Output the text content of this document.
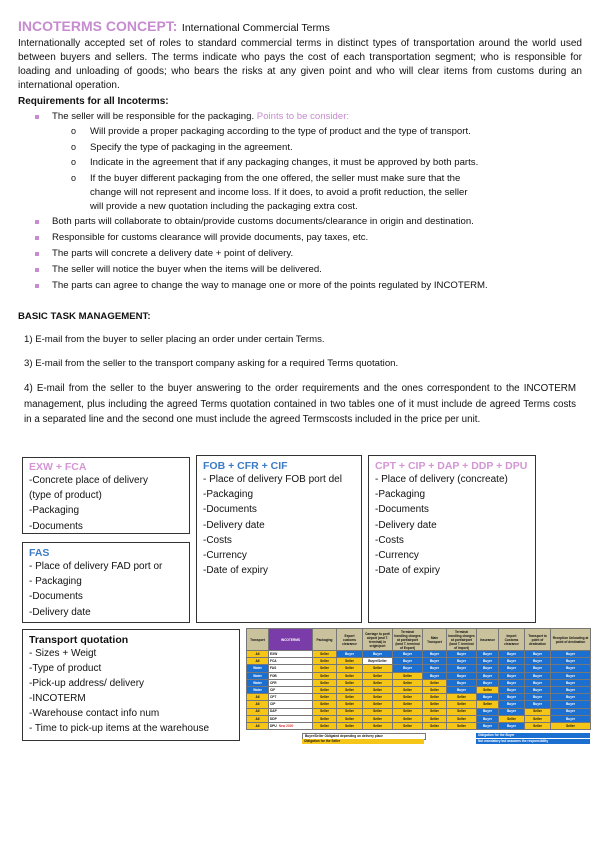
INCOTERMS CONCEPT: International Commercial Terms
Internationally accepted set of roles to standard commercial terms in distinct types of transportation around the world used between buyers and sellers. The terms indicate who pays the cost of each transportation segment; who is responsible for loading and unloading of goods; who bears the risks at any given point and who will clear items from customs during an international operation.
Requirements for all Incoterms:
The seller will be responsible for the packaging. Points to be consider:
o Will provide a proper packaging according to the type of product and the type of transport.
o Specify the type of packaging in the agreement.
o Indicate in the agreement that if any packaging changes, it must be approved by both parts.
o If the buyer different packaging from the one offered, the seller must make sure that the
change will not represent and income loss. If it does, to avoid a profit reduction, the seller
will provide a new quotation including the packaging extra cost.
Both parts will collaborate to obtain/provide customs documents/clearance in origin and destination.
Responsible for customs clearance will provide documents, pay taxes, etc.
The parts will concrete a delivery date + point of delivery.
The seller will notice the buyer when the items will be delivered.
The parts can agree to change the way to manage one or more of the points regulated by INCOTERM.
BASIC TASK MANAGEMENT:
1) E-mail from the buyer to seller placing an order under certain Terms.
3) E-mail from the seller to the transport company asking for a required Terms quotation.
4) E-mail from the seller to the buyer answering to the order requirements and the ones correspondent to the INCOTERM management, plus including the agreed Terms quotation contained in two tables one of it must include de agreed Terms costs in a separated line and the second one must include the agreed Termscosts included in the price per unit.
EXW + FCA
-Concrete place of delivery
(type of product)
-Packaging
-Documents
FAS
- Place of delivery FAD port or
- Packaging
-Documents
-Delivery date
FOB + CFR + CIF
- Place of delivery FOB port del
-Packaging
-Documents
-Delivery date
-Costs
-Currency
-Date of expiry
CPT + CIP + DAP + DDP + DPU
- Place of delivery (concreate)
-Packaging
-Documents
-Delivery date
-Costs
-Currency
-Date of expiry
Transport quotation
- Sizes + Weigt
-Type of product
-Pick-up address/ delivery
-INCOTERM
-Warehouse contact info num
- Time to pick-up items at the warehouse
Transport	INCOTERMS	Packaging	Export customs clearance	Carriage to port/ airport (and T. terminal) in origin/port	Terminal handling charges at port/airport (land T. terminal of Export)	Main Transport	Terminal handling charges at port/airport (land T. terminal of Import)	Insurance	Import Customs clearance	Transport to point of destination	Reception Unloading at point of destination
All	EXW	Seller	Buyer	Buyer	Buyer	Buyer	Buyer	Buyer	Buyer	Buyer	Buyer
All	FCA	Seller	Seller	Buyer/Seller	Buyer	Buyer	Buyer	Buyer	Buyer	Buyer	Buyer
Water	FAS	Seller	Seller	Seller	Buyer	Buyer	Buyer	Buyer	Buyer	Buyer	Buyer
Water	FOB	Seller	Seller	Seller	Seller	Buyer	Buyer	Buyer	Buyer	Buyer	Buyer
Water	CFR	Seller	Seller	Seller	Seller	Seller	Buyer	Buyer	Buyer	Buyer	Buyer
Water	CIF	Seller	Seller	Seller	Seller	Seller	Buyer	Seller	Buyer	Buyer	Buyer
All	CPT	Seller	Seller	Seller	Seller	Seller	Seller	Buyer	Buyer	Buyer	Buyer
All	CIP	Seller	Seller	Seller	Seller	Seller	Seller	Seller	Buyer	Buyer	Buyer
All	DAP	Seller	Seller	Seller	Seller	Seller	Seller	Buyer	Buyer	Seller	Buyer
All	DDP	Seller	Seller	Seller	Seller	Seller	Seller	Buyer	Seller	Seller	Buyer
All	DPU New 2020	Seller	Seller	Seller	Seller	Seller	Seller	Buyer	Buyer	Seller	Seller
Buyer/Seller Obligated depending on delivery place
Obligation for the Seller
Obligation for the Buyer
Not mandatory but assumes the responsibility
